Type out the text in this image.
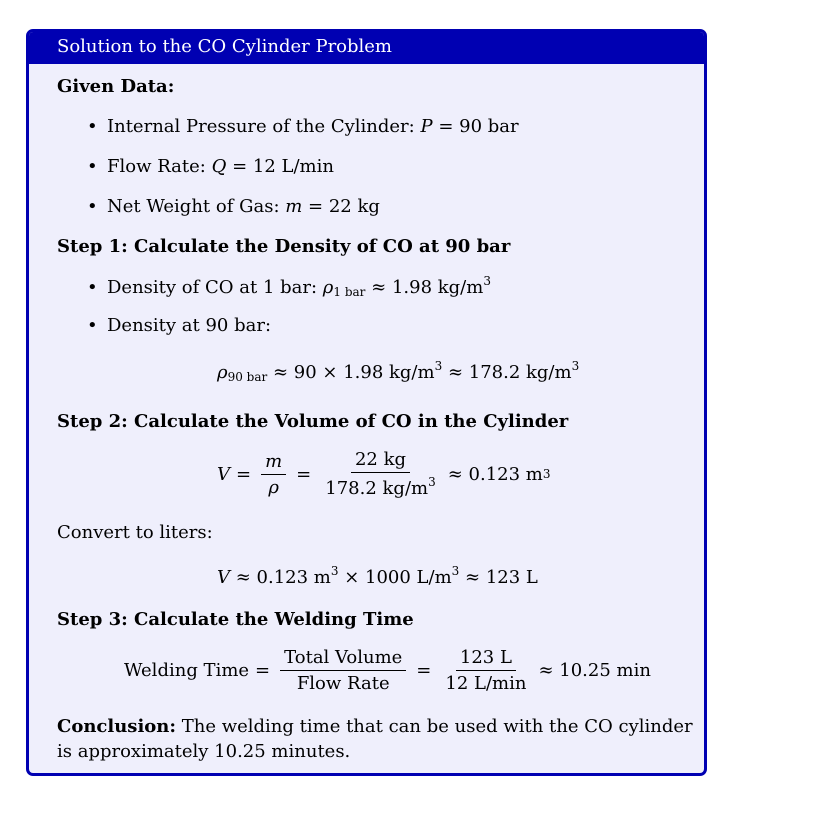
Solution to the CO Cylinder Problem
Given Data:
• Internal Pressure of the Cylinder: P = 90 bar
• Flow Rate: Q = 12 L/min
• Net Weight of Gas: m = 22 kg
Step 1: Calculate the Density of CO at 90 bar
• Density of CO at 1 bar: $\rho_{1 bar} \approx 1.98$ $kg/m^3$
• Density at 90 bar:
$\rho_{90 bar} \approx 90 \times 1.98$ $kg/m^3 \approx 178.2$ $kg/m^3$
Step 2: Calculate the Volume of CO in the Cylinder
$V = \frac{m}{\rho} = \frac{22 kg}{178.2 kg/m^3} \approx 0.123$ m 3
Convert to liters:
V ≈ 0.123 $m^3 \times 1000$ $L/m^3 \approx 123$ L
Step 3: Calculate the Welding Time
Welding Time = $\frac{\text{Total Volume}}{\text{Flow Rate}} = \frac{123 L}{12 L/\min} \approx 10.25$ min
Conclusion: The welding time that can be used with the CO cylinder
is approximately 10.25 minutes.
